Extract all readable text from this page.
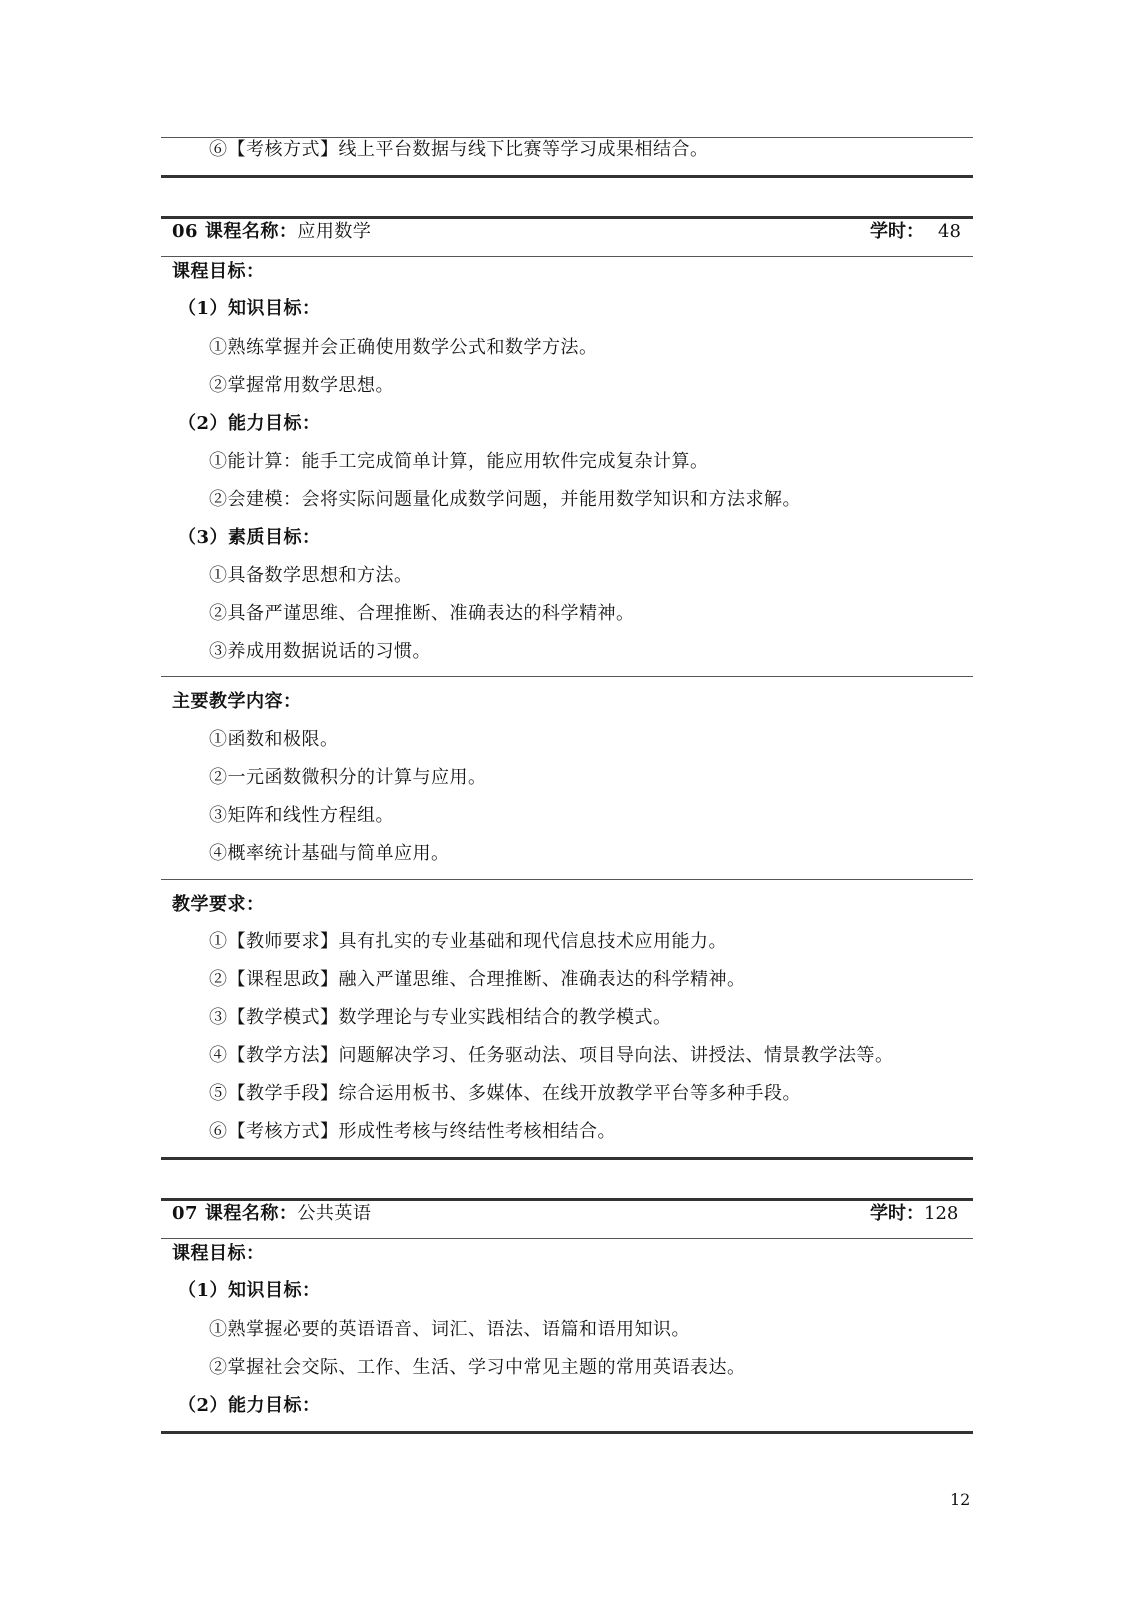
⑥【考核方式】线上平台数据与线下比赛等学习成果相结合。
06 课程名称：应用数学	学时： 48
课程目标：
（1）知识目标：
①熟练掌握并会正确使用数学公式和数学方法。
②掌握常用数学思想。
（2）能力目标：
①能计算：能手工完成简单计算，能应用软件完成复杂计算。
②会建模：会将实际问题量化成数学问题，并能用数学知识和方法求解。
（3）素质目标：
①具备数学思想和方法。
②具备严谨思维、合理推断、准确表达的科学精神。
③养成用数据说话的习惯。
主要教学内容：
①函数和极限。
②一元函数微积分的计算与应用。
③矩阵和线性方程组。
④概率统计基础与简单应用。
教学要求：
①【教师要求】具有扎实的专业基础和现代信息技术应用能力。
②【课程思政】融入严谨思维、合理推断、准确表达的科学精神。
③【教学模式】数学理论与专业实践相结合的教学模式。
④【教学方法】问题解决学习、任务驱动法、项目导向法、讲授法、情景教学法等。
⑤【教学手段】综合运用板书、多媒体、在线开放教学平台等多种手段。
⑥【考核方式】形成性考核与终结性考核相结合。
07 课程名称：公共英语	学时：128
课程目标：
（1）知识目标：
①熟掌握必要的英语语音、词汇、语法、语篇和语用知识。
②掌握社会交际、工作、生活、学习中常见主题的常用英语表达。
（2）能力目标：
12
